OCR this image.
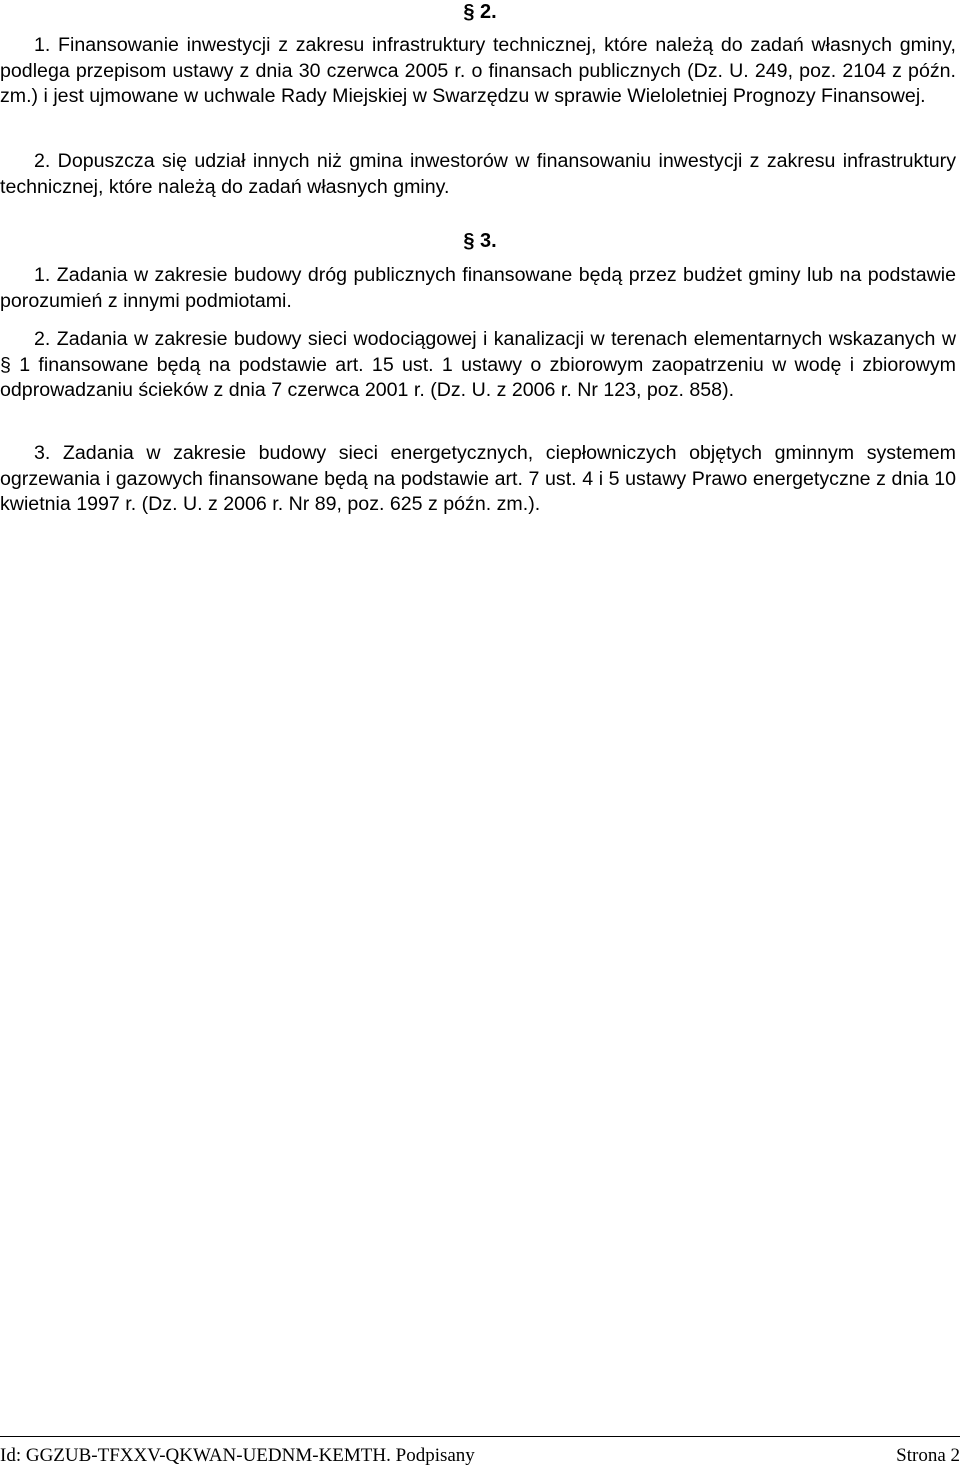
§ 2.

1. Finansowanie inwestycji z zakresu infrastruktury technicznej, które należą do zadań własnych gminy, podlega przepisom ustawy z dnia 30 czerwca 2005 r. o finansach publicznych (Dz. U. 249, poz. 2104 z późn. zm.) i jest ujmowane w uchwale Rady Miejskiej w Swarzędzu w sprawie Wieloletniej Prognozy Finansowej.

2. Dopuszcza się udział innych niż gmina inwestorów w finansowaniu inwestycji z zakresu infrastruktury technicznej, które należą do zadań własnych gminy.

§ 3.

1. Zadania w zakresie budowy dróg publicznych finansowane będą przez budżet gminy lub na podstawie porozumień z innymi podmiotami.

2. Zadania w zakresie budowy sieci wodociągowej i kanalizacji w terenach elementarnych wskazanych w § 1 finansowane będą na podstawie art. 15 ust. 1 ustawy o zbiorowym zaopatrzeniu w wodę i zbiorowym odprowadzaniu ścieków z dnia 7 czerwca 2001 r. (Dz. U. z 2006 r. Nr 123, poz. 858).

3. Zadania w zakresie budowy sieci energetycznych, ciepłowniczych objętych gminnym systemem ogrzewania i gazowych finansowane będą na podstawie art. 7 ust. 4 i 5 ustawy Prawo energetyczne z dnia 10 kwietnia 1997 r. (Dz. U. z 2006 r. Nr 89, poz. 625 z późn. zm.).

Id: GGZUB-TFXXV-QKWAN-UEDNM-KEMTH. Podpisany	Strona 2
